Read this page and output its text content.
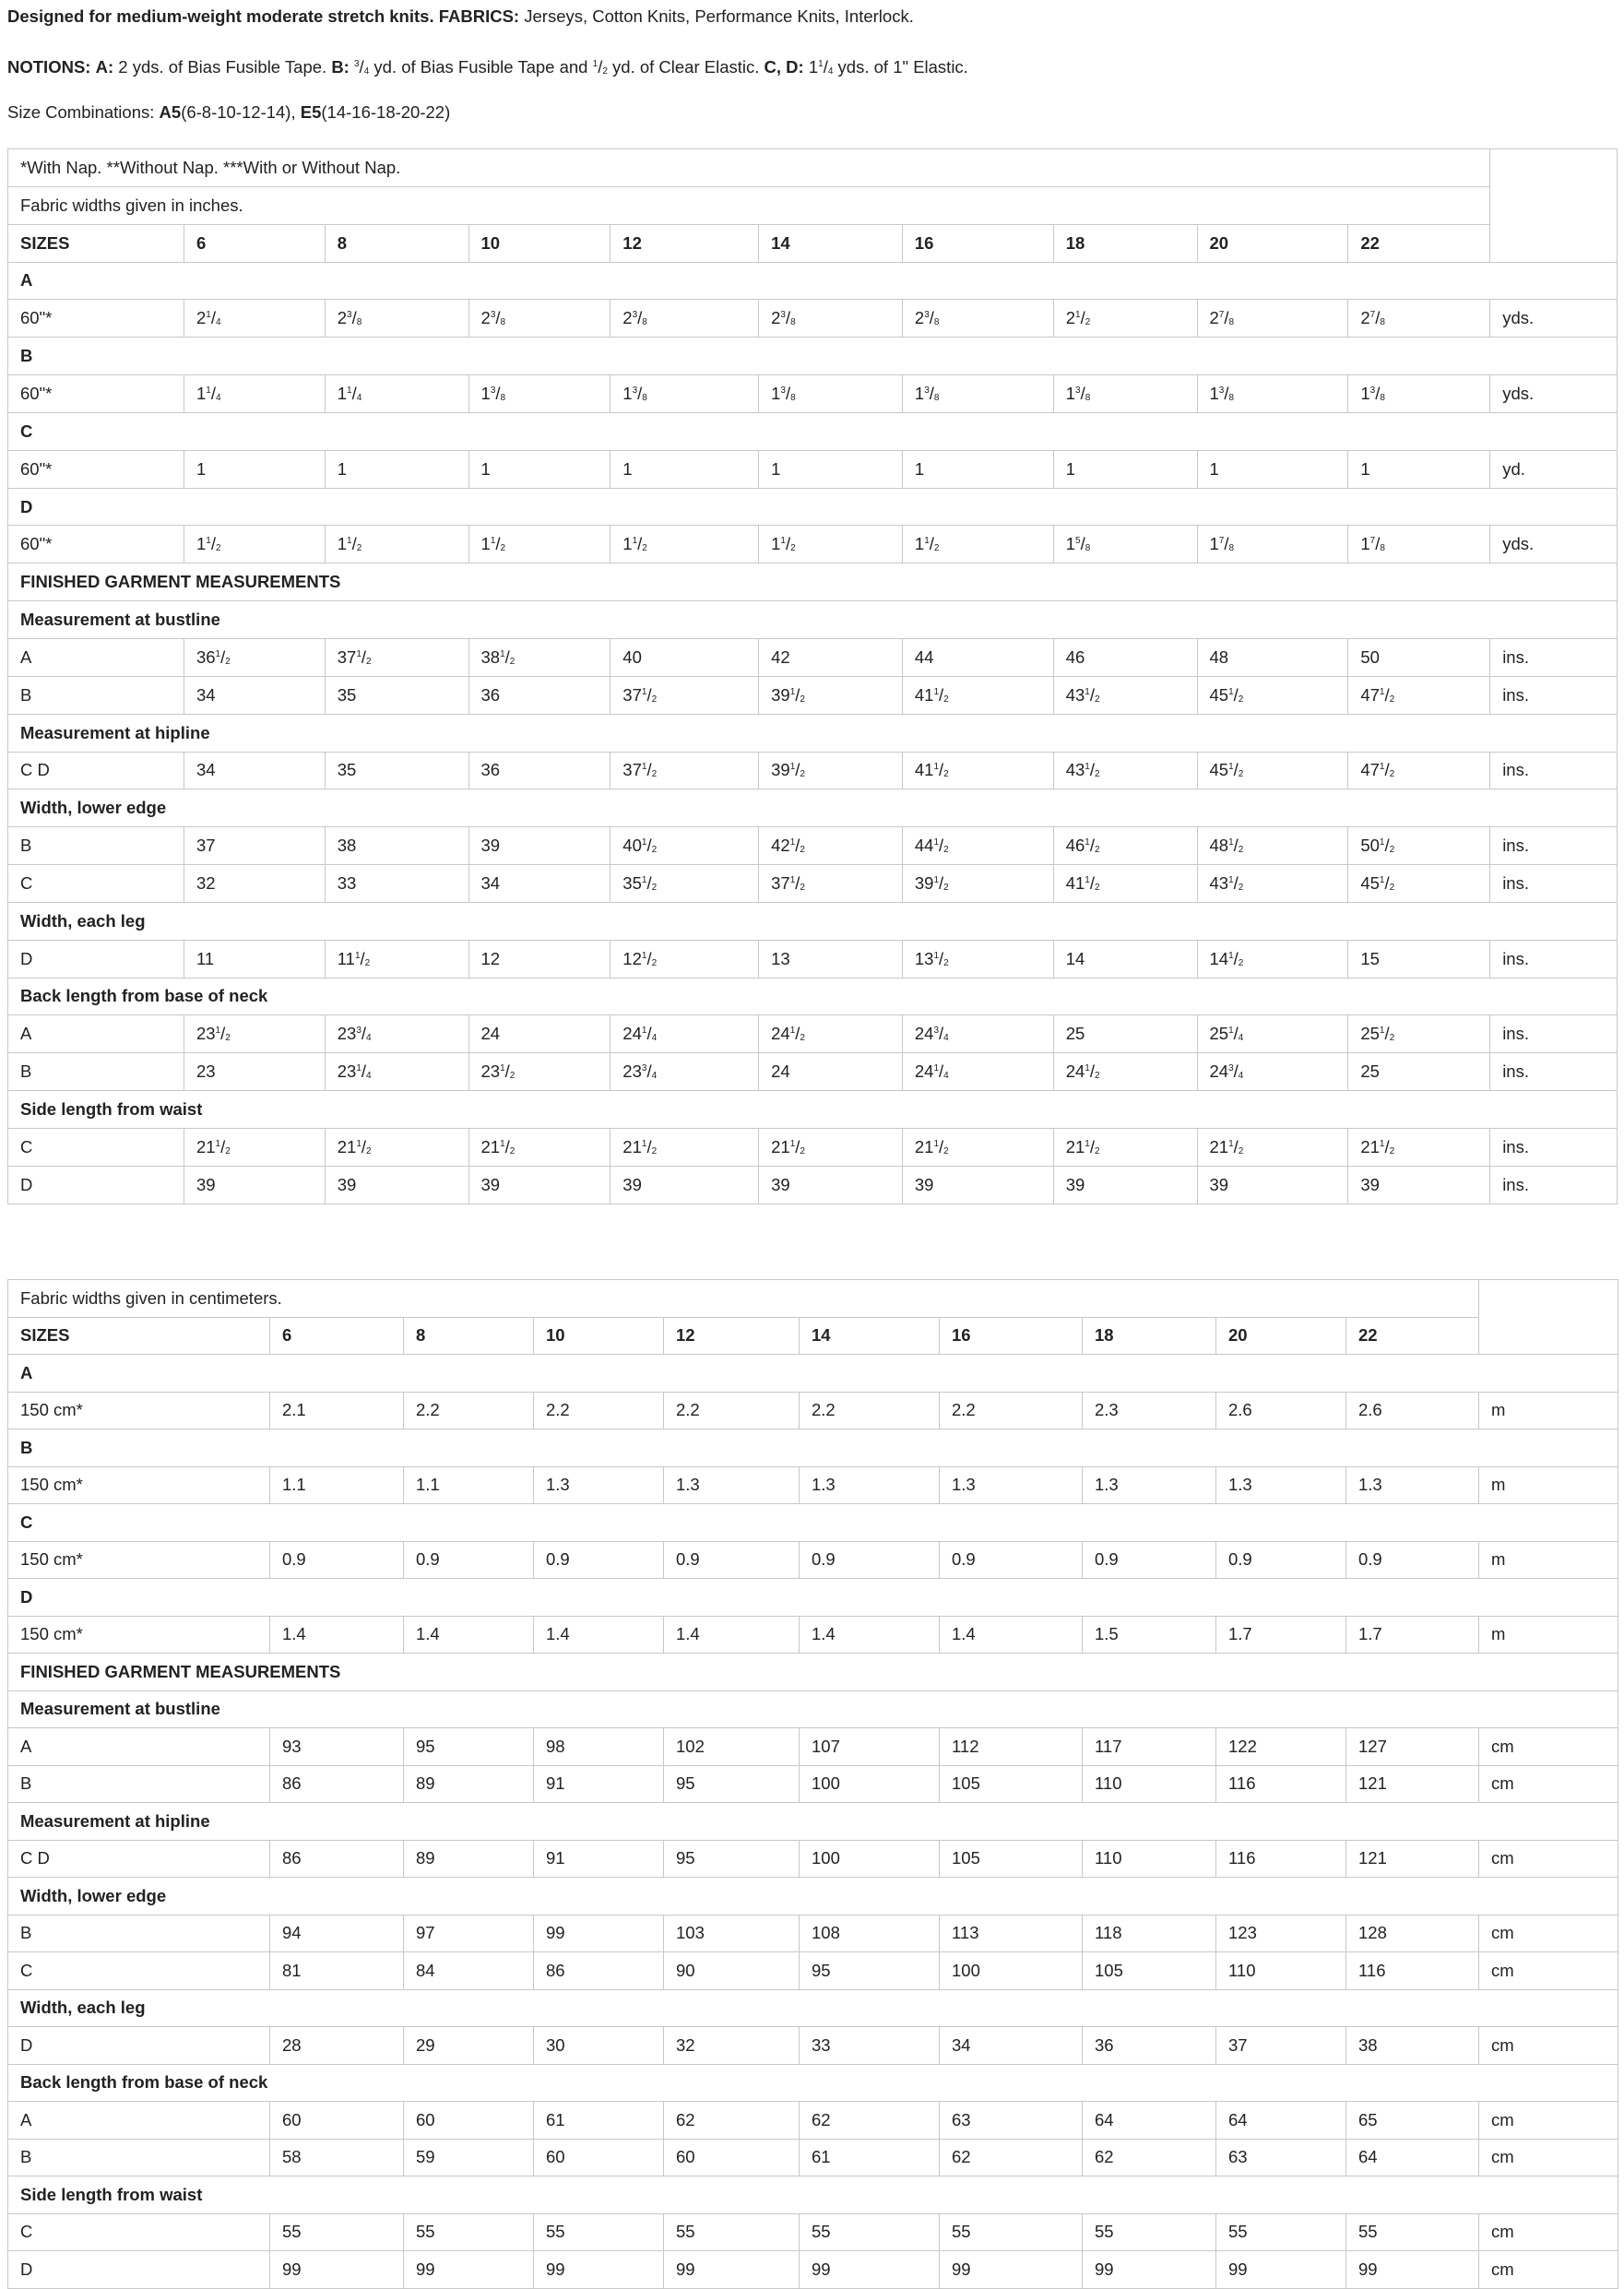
Designed for medium-weight moderate stretch knits. FABRICS: Jerseys, Cotton Knits, Performance Knits, Interlock.

NOTIONS: A: 2 yds. of Bias Fusible Tape. B: $^3/_4$ yd. of Bias Fusible Tape and $^1/_2$ yd. of Clear Elastic. C, D: $1^1/_4$ yds. of 1" Elastic.

Size Combinations: A5(6-8-10-12-14), E5(14-16-18-20-22)

*With Nap. **Without Nap. ***With or Without Nap.										
Fabric widths given in inches.										
SIZES	6	8	10	12	14	16	18	20	22	
A										
60"*	$2^1/_4$	$2^3/_8$	$2^3/_8$	$2^3/_8$	$2^3/_8$	$2^3/_8$	$2^1/_2$	$2^7/_8$	$2^7/_8$	yds.
B										
60"*	$1^1/_4$	$1^1/_4$	$1^3/_8$	$1^3/_8$	$1^3/_8$	$1^3/_8$	$1^3/_8$	$1^3/_8$	$1^3/_8$	yds.
C										
60"*	1	1	1	1	1	1	1	1	1	yd.
D										
60"*	$1^1/_2$	$1^1/_2$	$1^1/_2$	$1^1/_2$	$1^1/_2$	$1^1/_2$	$1^5/_8$	$1^7/_8$	$1^7/_8$	yds.
FINISHED GARMENT MEASUREMENTS										
Measurement at bustline										
A	$36^1/_2$	$37^1/_2$	$38^1/_2$	40	42	44	46	48	50	ins.
B	34	35	36	$37^1/_2$	$39^1/_2$	$41^1/_2$	$43^1/_2$	$45^1/_2$	$47^1/_2$	ins.
Measurement at hipline										
C D	34	35	36	$37^1/_2$	$39^1/_2$	$41^1/_2$	$43^1/_2$	$45^1/_2$	$47^1/_2$	ins.
Width, lower edge										
B	37	38	39	$40^1/_2$	$42^1/_2$	$44^1/_2$	$46^1/_2$	$48^1/_2$	$50^1/_2$	ins.
C	32	33	34	$35^1/_2$	$37^1/_2$	$39^1/_2$	$41^1/_2$	$43^1/_2$	$45^1/_2$	ins.
Width, each leg										
D	11	$11^1/_2$	12	$12^1/_2$	13	$13^1/_2$	14	$14^1/_2$	15	ins.
Back length from base of neck										
A	$23^1/_2$	$23^3/_4$	24	$24^1/_4$	$24^1/_2$	$24^3/_4$	25	$25^1/_4$	$25^1/_2$	ins.
B	23	$23^1/_4$	$23^1/_2$	$23^3/_4$	24	$24^1/_4$	$24^1/_2$	$24^3/_4$	25	ins.
Side length from waist										
C	$21^1/_2$	$21^1/_2$	$21^1/_2$	$21^1/_2$	$21^1/_2$	$21^1/_2$	$21^1/_2$	$21^1/_2$	$21^1/_2$	ins.
D	39	39	39	39	39	39	39	39	39	ins.
Fabric widths given in centimeters.										
SIZES	6	8	10	12	14	16	18	20	22	
A										
150 cm*	2.1	2.2	2.2	2.2	2.2	2.2	2.3	2.6	2.6	m
B										
150 cm*	1.1	1.1	1.3	1.3	1.3	1.3	1.3	1.3	1.3	m
C										
150 cm*	0.9	0.9	0.9	0.9	0.9	0.9	0.9	0.9	0.9	m
D										
150 cm*	1.4	1.4	1.4	1.4	1.4	1.4	1.5	1.7	1.7	m
FINISHED GARMENT MEASUREMENTS										
Measurement at bustline										
A	93	95	98	102	107	112	117	122	127	cm
B	86	89	91	95	100	105	110	116	121	cm
Measurement at hipline										
C D	86	89	91	95	100	105	110	116	121	cm
Width, lower edge										
B	94	97	99	103	108	113	118	123	128	cm
C	81	84	86	90	95	100	105	110	116	cm
Width, each leg										
D	28	29	30	32	33	34	36	37	38	cm
Back length from base of neck										
A	60	60	61	62	62	63	64	64	65	cm
B	58	59	60	60	61	62	62	63	64	cm
Side length from waist										
C	55	55	55	55	55	55	55	55	55	cm
D	99	99	99	99	99	99	99	99	99	cm
